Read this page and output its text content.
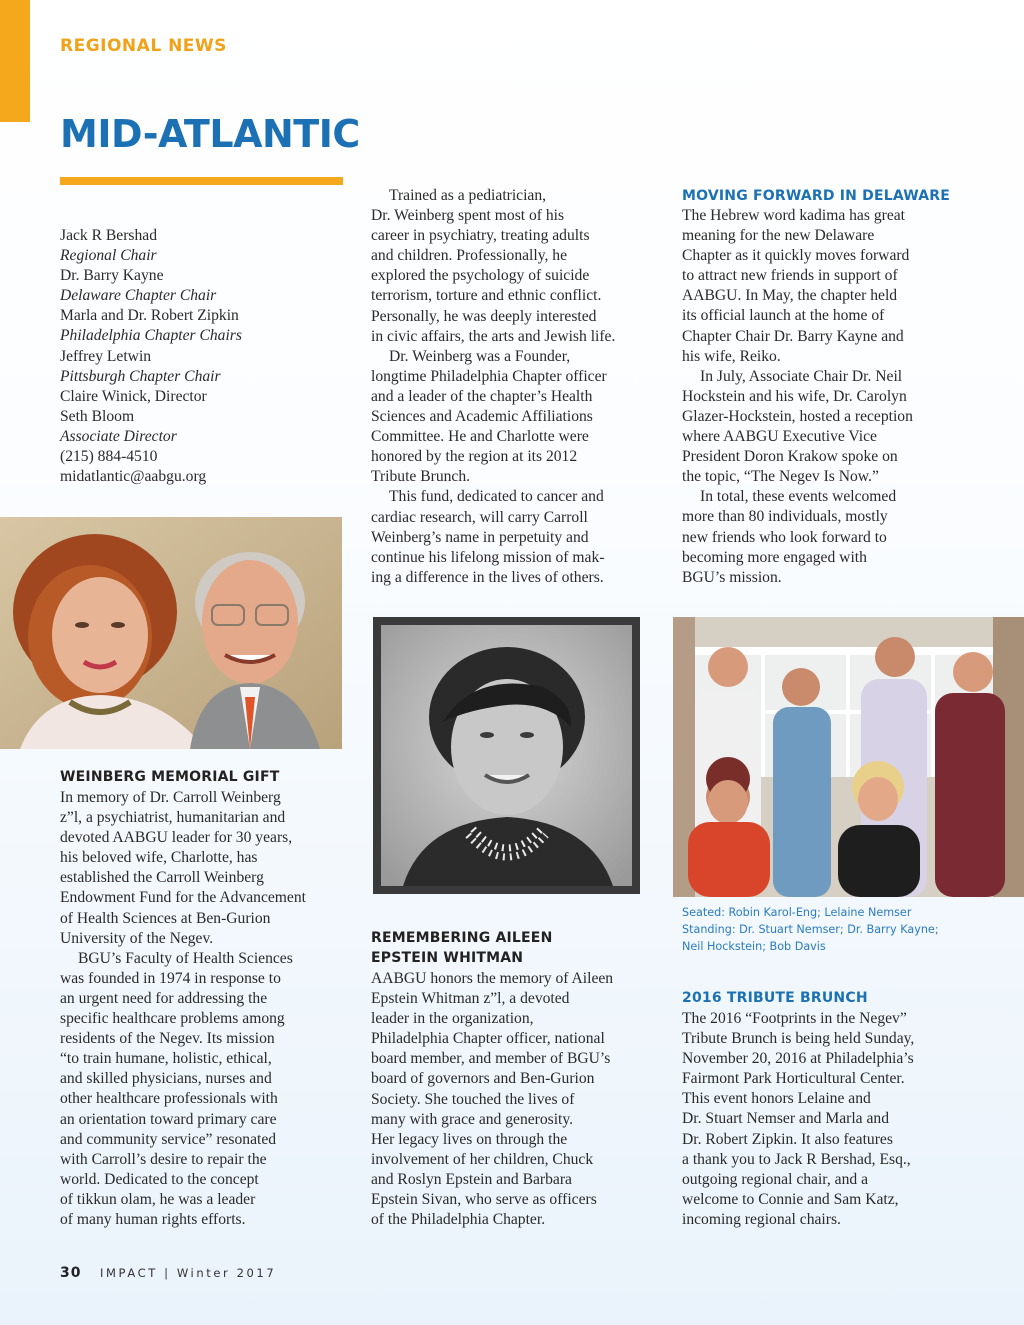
REGIONAL NEWS
MID-ATLANTIC

Jack R Bershad

Regional Chair

Dr. Barry Kayne

Delaware Chapter Chair

Marla and Dr. Robert Zipkin

Philadelphia Chapter Chairs

Jeffrey Letwin

Pittsburgh Chapter Chair

Claire Winick, Director

Seth Bloom

Associate Director

(215) 884-4510

midatlantic@aabgu.org

WEINBERG MEMORIAL GIFT

In memory of Dr. Carroll Weinberg

z”l, a psychiatrist, humanitarian and

devoted AABGU leader for 30 years,

his beloved wife, Charlotte, has

established the Carroll Weinberg

Endowment Fund for the Advancement

of Health Sciences at Ben-Gurion

University of the Negev.

BGU’s Faculty of Health Sciences

was founded in 1974 in response to

an urgent need for addressing the

specific healthcare problems among

residents of the Negev. Its mission

“to train humane, holistic, ethical,

and skilled physicians, nurses and

other healthcare professionals with

an orientation toward primary care

and community service” resonated

with Carroll’s desire to repair the

world. Dedicated to the concept

of tikkun olam, he was a leader

of many human rights efforts.

Trained as a pediatrician,

Dr. Weinberg spent most of his

career in psychiatry, treating adults

and children. Professionally, he

explored the psychology of suicide

terrorism, torture and ethnic conflict.

Personally, he was deeply interested

in civic affairs, the arts and Jewish life.

Dr. Weinberg was a Founder,

longtime Philadelphia Chapter officer

and a leader of the chapter’s Health

Sciences and Academic Affiliations

Committee. He and Charlotte were

honored by the region at its 2012

Tribute Brunch.

This fund, dedicated to cancer and

cardiac research, will carry Carroll

Weinberg’s name in perpetuity and

continue his lifelong mission of mak-

ing a difference in the lives of others.

REMEMBERING AILEEN
EPSTEIN WHITMAN

AABGU honors the memory of Aileen

Epstein Whitman z”l, a devoted

leader in the organization,

Philadelphia Chapter officer, national

board member, and member of BGU’s

board of governors and Ben-Gurion

Society. She touched the lives of

many with grace and generosity.

Her legacy lives on through the

involvement of her children, Chuck

and Roslyn Epstein and Barbara

Epstein Sivan, who serve as officers

of the Philadelphia Chapter.

MOVING FORWARD IN DELAWARE

The Hebrew word kadima has great

meaning for the new Delaware

Chapter as it quickly moves forward

to attract new friends in support of

AABGU. In May, the chapter held

its official launch at the home of

Chapter Chair Dr. Barry Kayne and

his wife, Reiko.

In July, Associate Chair Dr. Neil

Hockstein and his wife, Dr. Carolyn

Glazer-Hockstein, hosted a reception

where AABGU Executive Vice

President Doron Krakow spoke on

the topic, “The Negev Is Now.”

In total, these events welcomed

more than 80 individuals, mostly

new friends who look forward to

becoming more engaged with

BGU’s mission.

Seated: Robin Karol-Eng; Lelaine Nemser
Standing: Dr. Stuart Nemser; Dr. Barry Kayne;
Neil Hockstein; Bob Davis
2016 TRIBUTE BRUNCH

The 2016 “Footprints in the Negev”

Tribute Brunch is being held Sunday,

November 20, 2016 at Philadelphia’s

Fairmont Park Horticultural Center.

This event honors Lelaine and

Dr. Stuart Nemser and Marla and

Dr. Robert Zipkin. It also features

a thank you to Jack R Bershad, Esq.,

outgoing regional chair, and a

welcome to Connie and Sam Katz,

incoming regional chairs.

30 IMPACT | Winter 2017
